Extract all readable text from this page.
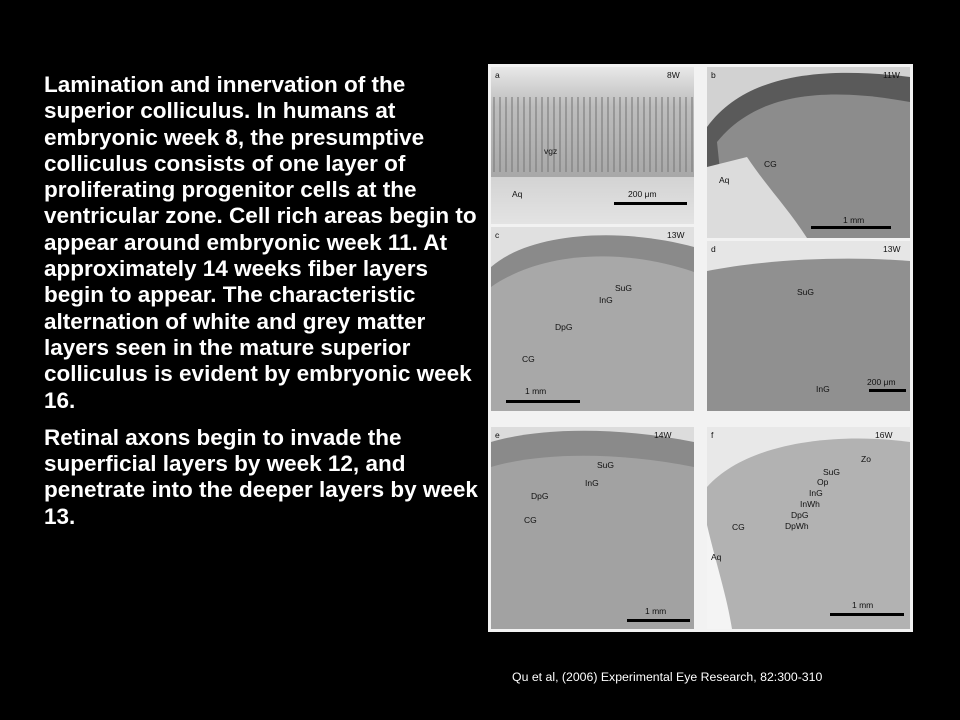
Lamination and innervation of the superior colliculus. In humans at embryonic week 8, the presumptive colliculus consists of one layer of proliferating progenitor cells at the ventricular zone. Cell rich areas begin to appear around embryonic week 11. At approximately 14 weeks fiber layers begin to appear. The characteristic alternation of white and grey matter layers seen in the mature superior colliculus is evident by embryonic week 16.

Retinal axons begin to invade the superficial layers by week 12, and penetrate into the deeper layers by week 13.

a	8W
vgz
Aq	200 μm
b	11W
CG
Aq
1 mm
c	13W
SuG
InG
DpG
CG
1 mm
d	13W
SuG
InG
200 μm
e	14W
SuG
InG
DpG
CG
1 mm
f	16W
Zo
SuG
Op
InG
InWh
DpG
DpWh
CG
Aq
1 mm
Qu et al, (2006) Experimental Eye Research, 82:300-310
